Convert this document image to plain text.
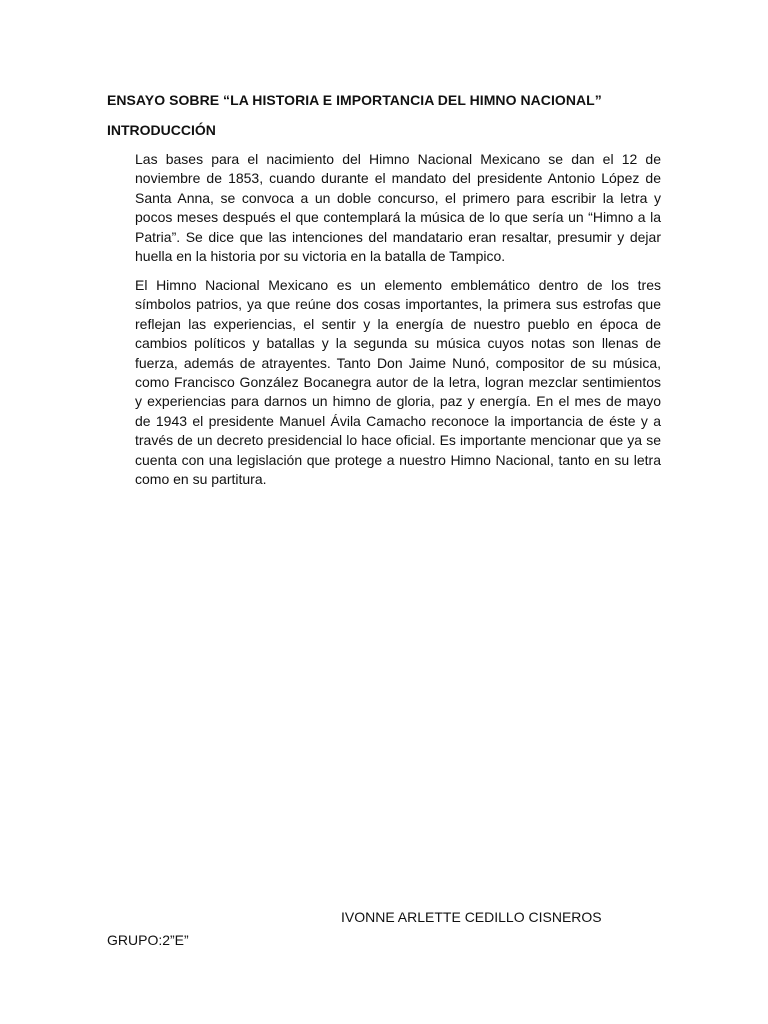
ENSAYO SOBRE “LA HISTORIA E IMPORTANCIA DEL HIMNO NACIONAL”

INTRODUCCIÓN

Las bases para el nacimiento del Himno Nacional Mexicano se dan el 12 de noviembre de 1853, cuando durante el mandato del presidente Antonio López de Santa Anna, se convoca a un doble concurso, el primero para escribir la letra y pocos meses después el que contemplará la música de lo que sería un “Himno a la Patria”. Se dice que las intenciones del mandatario eran resaltar, presumir y dejar huella en la historia por su victoria en la batalla de Tampico.

El Himno Nacional Mexicano es un elemento emblemático dentro de los tres símbolos patrios, ya que reúne dos cosas importantes, la primera sus estrofas que reflejan las experiencias, el sentir y la energía de nuestro pueblo en época de cambios políticos y batallas y la segunda su música cuyos notas son llenas de fuerza, además de atrayentes. Tanto Don Jaime Nunó, compositor de su música, como Francisco González Bocanegra autor de la letra, logran mezclar sentimientos y experiencias para darnos un himno de gloria, paz y energía. En el mes de mayo de 1943 el presidente Manuel Ávila Camacho reconoce la importancia de éste y a través de un decreto presidencial lo hace oficial. Es importante mencionar que ya se cuenta con una legislación que protege a nuestro Himno Nacional, tanto en su letra como en su partitura.

IVONNE ARLETTE CEDILLO CISNEROS

GRUPO:2”E”
